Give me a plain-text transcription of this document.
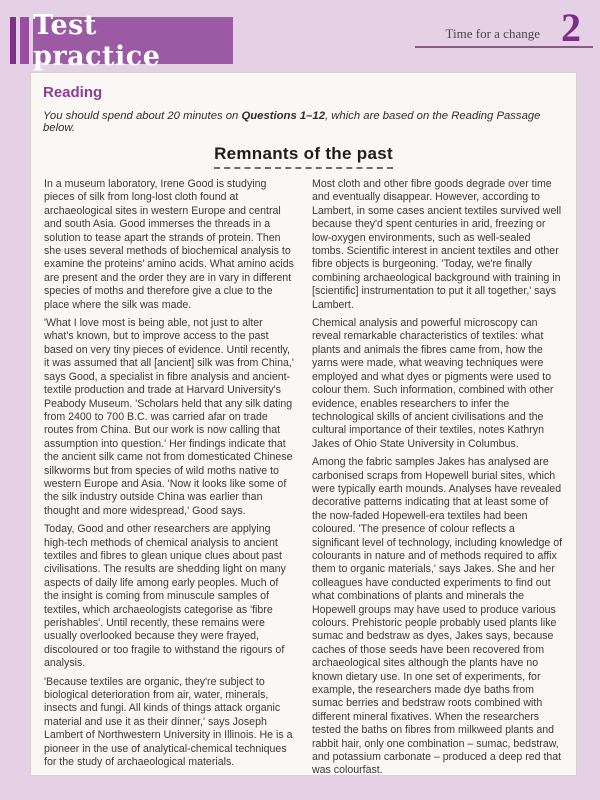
Test practice
Time for a change 2
Reading
You should spend about 20 minutes on Questions 1–12, which are based on the Reading Passage below.
Remnants of the past

In a museum laboratory, Irene Good is studying pieces of silk from long-lost cloth found at archaeological sites in western Europe and central and south Asia. Good immerses the threads in a solution to tease apart the strands of protein. Then she uses several methods of biochemical analysis to examine the proteins' amino acids. What amino acids are present and the order they are in vary in different species of moths and therefore give a clue to the place where the silk was made.

'What I love most is being able, not just to alter what's known, but to improve access to the past based on very tiny pieces of evidence. Until recently, it was assumed that all [ancient] silk was from China,' says Good, a specialist in fibre analysis and ancient-textile production and trade at Harvard University's Peabody Museum. 'Scholars held that any silk dating from 2400 to 700 B.C. was carried afar on trade routes from China. But our work is now calling that assumption into question.' Her findings indicate that the ancient silk came not from domesticated Chinese silkworms but from species of wild moths native to western Europe and Asia. 'Now it looks like some of the silk industry outside China was earlier than thought and more widespread,' Good says.

Today, Good and other researchers are applying high-tech methods of chemical analysis to ancient textiles and fibres to glean unique clues about past civilisations. The results are shedding light on many aspects of daily life among early peoples. Much of the insight is coming from minuscule samples of textiles, which archaeologists categorise as 'fibre perishables'. Until recently, these remains were usually overlooked because they were frayed, discoloured or too fragile to withstand the rigours of analysis.

'Because textiles are organic, they're subject to biological deterioration from air, water, minerals, insects and fungi. All kinds of things attack organic material and use it as their dinner,' says Joseph Lambert of Northwestern University in Illinois. He is a pioneer in the use of analytical-chemical techniques for the study of archaeological materials.

Most cloth and other fibre goods degrade over time and eventually disappear. However, according to Lambert, in some cases ancient textiles survived well because they'd spent centuries in arid, freezing or low-oxygen environments, such as well-sealed tombs. Scientific interest in ancient textiles and other fibre objects is burgeoning. 'Today, we're finally combining archaeological background with training in [scientific] instrumentation to put it all together,' says Lambert.

Chemical analysis and powerful microscopy can reveal remarkable characteristics of textiles: what plants and animals the fibres came from, how the yarns were made, what weaving techniques were employed and what dyes or pigments were used to colour them. Such information, combined with other evidence, enables researchers to infer the technological skills of ancient civilisations and the cultural importance of their textiles, notes Kathryn Jakes of Ohio State University in Columbus.

Among the fabric samples Jakes has analysed are carbonised scraps from Hopewell burial sites, which were typically earth mounds. Analyses have revealed decorative patterns indicating that at least some of the now-faded Hopewell-era textiles had been coloured. 'The presence of colour reflects a significant level of technology, including knowledge of colourants in nature and of methods required to affix them to organic materials,' says Jakes. She and her colleagues have conducted experiments to find out what combinations of plants and minerals the Hopewell groups may have used to produce various colours. Prehistoric people probably used plants like sumac and bedstraw as dyes, Jakes says, because caches of those seeds have been recovered from archaeological sites although the plants have no known dietary use. In one set of experiments, for example, the researchers made dye baths from sumac berries and bedstraw roots combined with different mineral fixatives. When the researchers tested the baths on fibres from milkweed plants and rabbit hair, only one combination – sumac, bedstraw, and potassium carbonate – produced a deep red that was colourfast.
